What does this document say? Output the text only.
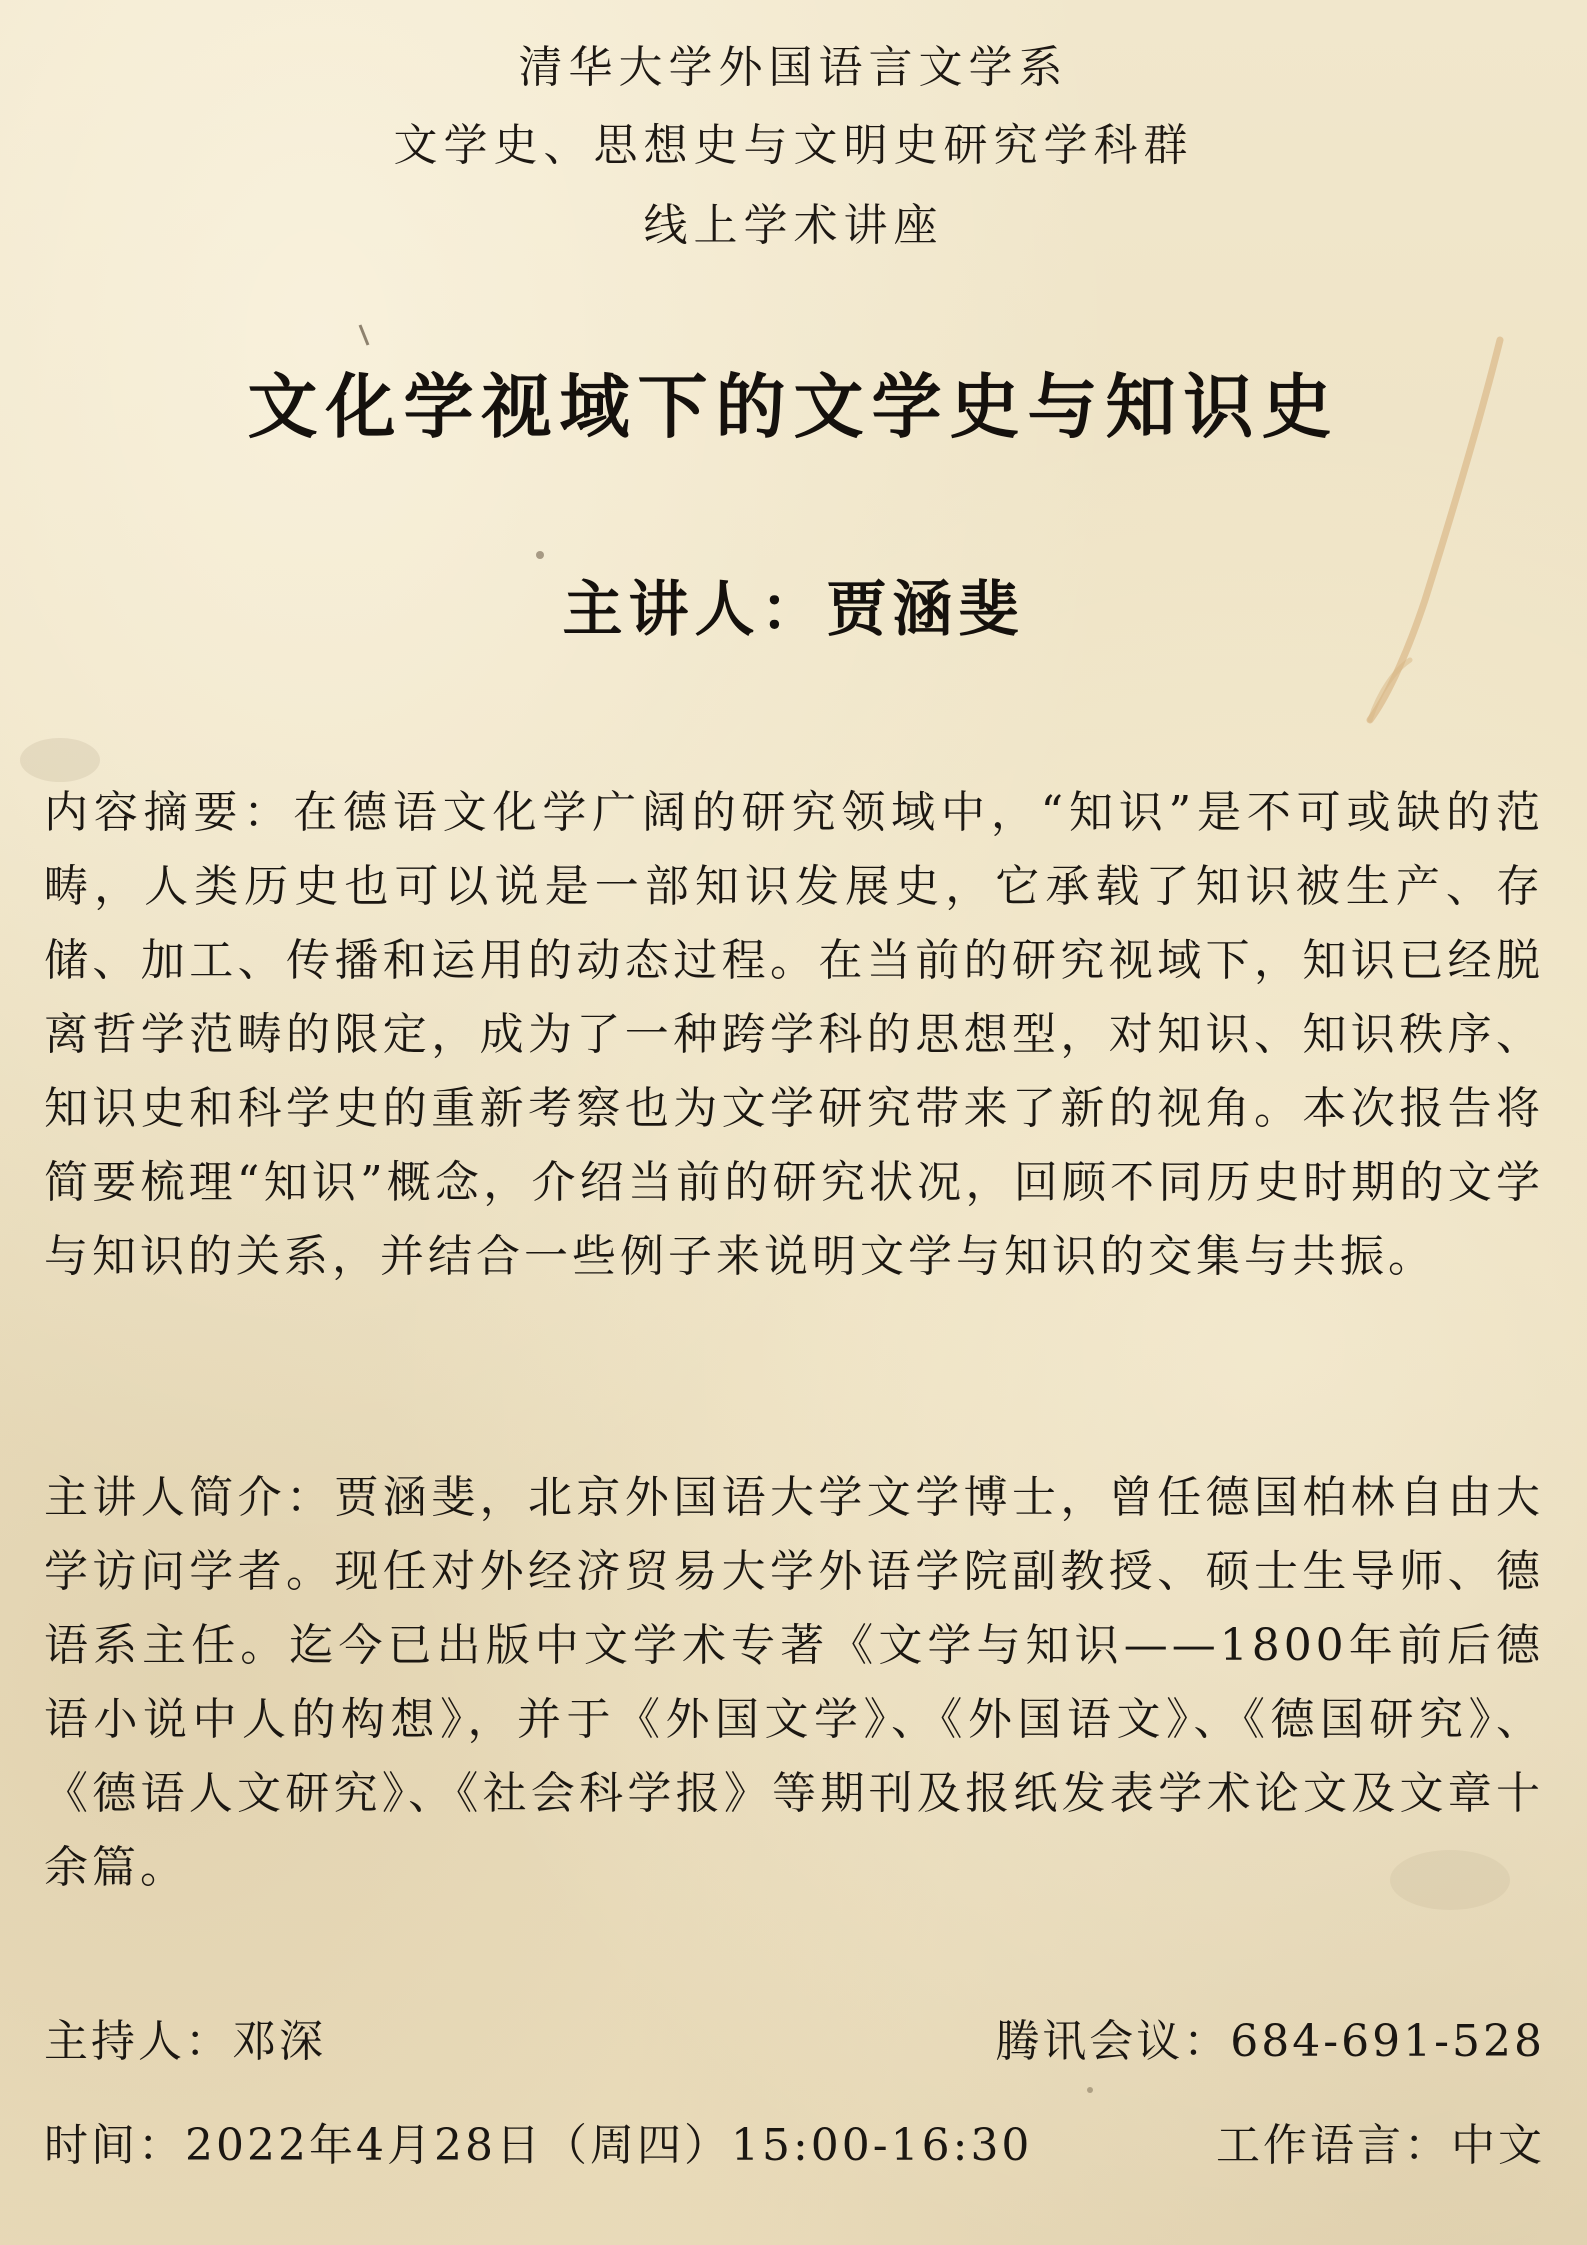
清华大学外国语言文学系
文学史、思想史与文明史研究学科群
线上学术讲座
文化学视域下的文学史与知识史
主讲人：贾涵斐
内容摘要：在德语文化学广阔的研究领域中，“知识”是不可或缺的范畴，人类历史也可以说是一部知识发展史，它承载了知识被生产、存储、加工、传播和运用的动态过程。在当前的研究视域下，知识已经脱离哲学范畴的限定，成为了一种跨学科的思想型，对知识、知识秩序、知识史和科学史的重新考察也为文学研究带来了新的视角。本次报告将简要梳理“知识”概念，介绍当前的研究状况，回顾不同历史时期的文学与知识的关系，并结合一些例子来说明文学与知识的交集与共振。
主讲人简介：贾涵斐，北京外国语大学文学博士，曾任德国柏林自由大学访问学者。现任对外经济贸易大学外语学院副教授、硕士生导师、德语系主任。迄今已出版中文学术专著《文学与知识——1800年前后德语小说中人的构想》，并于《外国文学》、《外国语文》、《德国研究》、《德语人文研究》、《社会科学报》等期刊及报纸发表学术论文及文章十余篇。
主持人：邓深	腾讯会议：684-691-528
时间：2022年4月28日（周四）15:00-16:30	工作语言：中文
